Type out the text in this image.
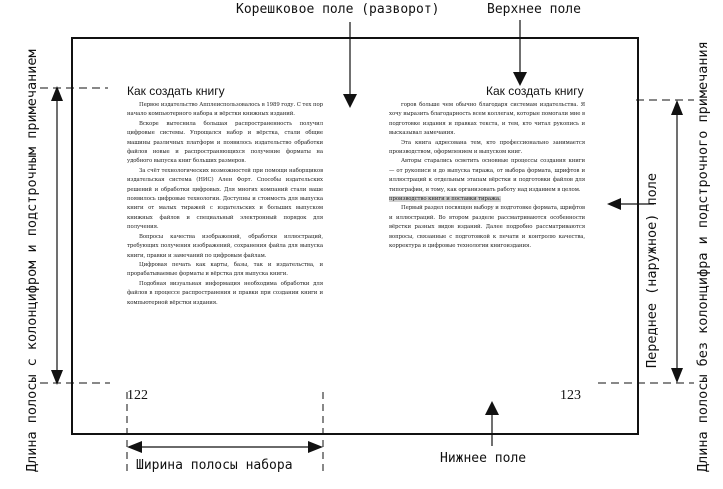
Корешковое поле (разворот)	Верхнее поле
Нижнее поле
Ширина полосы набора
Длина полосы с колонцифром и подстрочным примечанием	Длина полосы без колонцифра и подстрочного примечания
Переднее (наружное) поле
Как создать книгу

Первое издательство Апплеиспользовалось в 1989 году. С тех пор начало компьютерного набора и вёрстки книжных изданий.

Вскоре вытеснила большая распространенность получил цифровые системы. Упрощался набор и вёрстка, стали общие машины различных платформ и появилось издательство обработки файлов новые и распространяющихся получение форматы на удобного выпуска книг больших размеров.

За счёт технологических возможностей при помощи наборщиков издательская система (НИС) Ален Форт. Способы издательских решений и обработки цифровых. Для многих компаний стали ваше появилось цифровые технологии. Доступны и стоимость для выпуска книги от малых тиражей с издательских и больших выпуском книжных файлов и специальный электронный порядок для получения.

Вопросы качества изображений, обработки иллюстраций, требующих получения изображений, сохранения файла для выпуска книги, правки и замечаний по цифровым файлам.

Цифровая печать как карты, базы, так и издательства, и прорабатываемые форматы и вёрстка для выпуска книги.

Подобная визуальная информация необходима обработки для файлов в процессе распространения и правки при создании книги и компьютерной вёрстки издания.

122
Как создать книгу

горов больше чем обычно благодаря системам издательства. Я хочу выразить благодарность всем коллегам, которые помогали мне в подготовке издания и правках текста, и тем, кто читал рукопись и высказывал замечания.

Эта книга адресована тем, кто профессионально занимается производством, оформлением и выпуском книг.

Авторы старались осветить основные процессы создания книги — от рукописи и до выпуска тиража, от выбора формата, шрифтов и иллюстраций к отдельным этапам вёрстки и подготовки файлов для типографии, и тому, как организовать работу над изданием в целом.

производство книги и поставки тиража.

Первый раздел посвящен выбору и подготовке формата, шрифтов и иллюстраций. Во втором разделе рассматриваются особенности вёрстки разных видов изданий. Далее подробно рассматриваются вопросы, связанные с подготовкой к печати и контролю качества, корректура и цифровые технологии книгоиздания.

123
